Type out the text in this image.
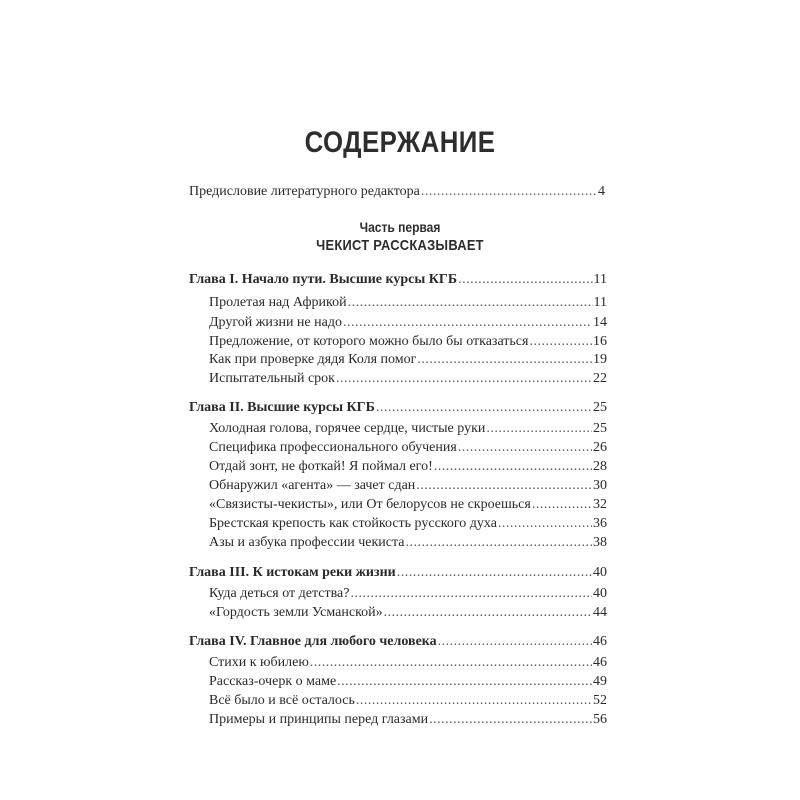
СОДЕРЖАНИЕ
Предисловие литературного редактора .....	4
Часть первая
ЧЕКИСТ РАССКАЗЫВАЕТ
Глава I. Начало пути. Высшие курсы КГБ .....	11
Пролетая над Африкой .....	11
Другой жизни не надо .....	14
Предложение, от которого можно было бы отказаться .....	16
Как при проверке дядя Коля помог .....	19
Испытательный срок .....	22
Глава II. Высшие курсы КГБ .....	25
Холодная голова, горячее сердце, чистые руки .....	25
Специфика профессионального обучения .....	26
Отдай зонт, не фоткай! Я поймал его! .....	28
Обнаружил «агента» — зачет сдан .....	30
«Связисты-чекисты», или От белорусов не скроешься .....	32
Брестская крепость как стойкость русского духа .....	36
Азы и азбука профессии чекиста .....	38
Глава III. К истокам реки жизни .....	40
Куда деться от детства? .....	40
«Гордость земли Усманской» .....	44
Глава IV. Главное для любого человека .....	46
Стихи к юбилею .....	46
Рассказ-очерк о маме .....	49
Всё было и всё осталось .....	52
Примеры и принципы перед глазами .....	56
